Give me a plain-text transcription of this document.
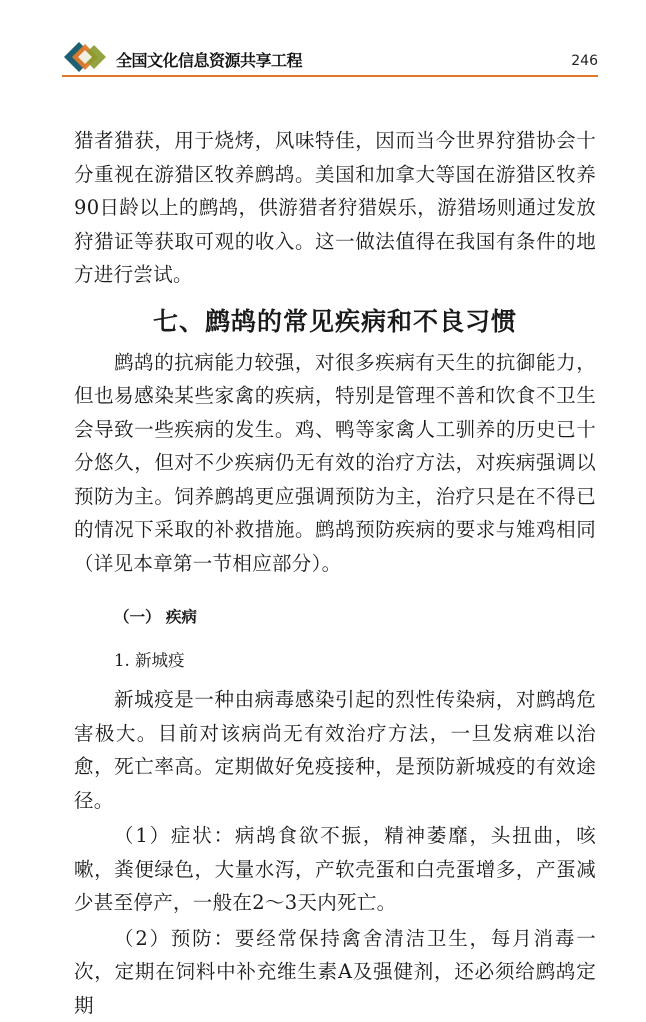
全国文化信息资源共享工程	246

猎者猎获，用于烧烤，风味特佳，因而当今世界狩猎协会十分重视在游猎区牧养鹧鸪。美国和加拿大等国在游猎区牧养90日龄以上的鹧鸪，供游猎者狩猎娱乐，游猎场则通过发放狩猎证等获取可观的收入。这一做法值得在我国有条件的地方进行尝试。

七、鹧鸪的常见疾病和不良习惯

鹧鸪的抗病能力较强，对很多疾病有天生的抗御能力，但也易感染某些家禽的疾病，特别是管理不善和饮食不卫生会导致一些疾病的发生。鸡、鸭等家禽人工驯养的历史已十分悠久，但对不少疾病仍无有效的治疗方法，对疾病强调以预防为主。饲养鹧鸪更应强调预防为主，治疗只是在不得已的情况下采取的补救措施。鹧鸪预防疾病的要求与雉鸡相同（详见本章第一节相应部分）。

（一） 疾病
1. 新城疫

新城疫是一种由病毒感染引起的烈性传染病，对鹧鸪危害极大。目前对该病尚无有效治疗方法，一旦发病难以治愈，死亡率高。定期做好免疫接种，是预防新城疫的有效途径。

（1）症状：病鸪食欲不振，精神萎靡，头扭曲，咳嗽，粪便绿色，大量水泻，产软壳蛋和白壳蛋增多，产蛋减少甚至停产，一般在2～3天内死亡。

（2）预防：要经常保持禽舍清洁卫生，每月消毒一次，定期在饲料中补充维生素A及强健剂，还必须给鹧鸪定期
